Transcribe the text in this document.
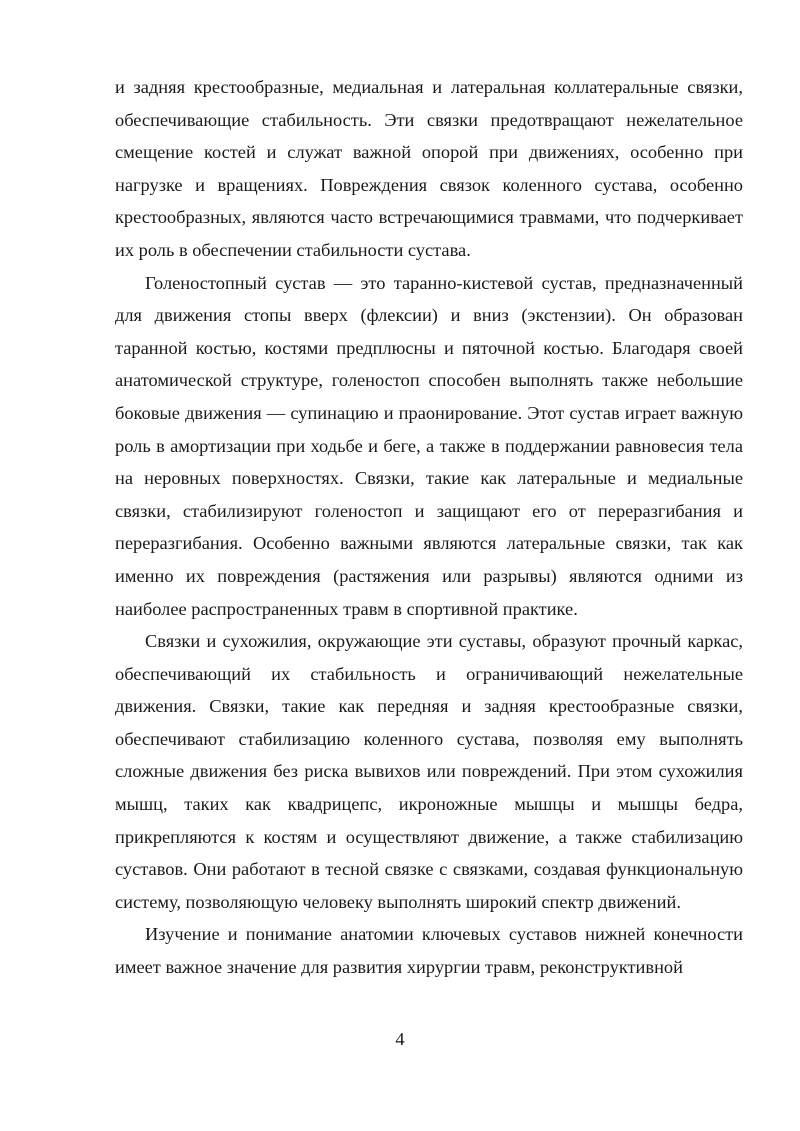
и задняя крестообразные, медиальная и латеральная коллатеральные связки, обеспечивающие стабильность. Эти связки предотвращают нежелательное смещение костей и служат важной опорой при движениях, особенно при нагрузке и вращениях. Повреждения связок коленного сустава, особенно крестообразных, являются часто встречающимися травмами, что подчеркивает их роль в обеспечении стабильности сустава.

Голеностопный сустав — это таранно-кистевой сустав, предназначенный для движения стопы вверх (флексии) и вниз (экстензии). Он образован таранной костью, костями предплюсны и пяточной костью. Благодаря своей анатомической структуре, голеностоп способен выполнять также небольшие боковые движения — супинацию и праонирование. Этот сустав играет важную роль в амортизации при ходьбе и беге, а также в поддержании равновесия тела на неровных поверхностях. Связки, такие как латеральные и медиальные связки, стабилизируют голеностоп и защищают его от переразгибания и переразгибания. Особенно важными являются латеральные связки, так как именно их повреждения (растяжения или разрывы) являются одними из наиболее распространенных травм в спортивной практике.

Связки и сухожилия, окружающие эти суставы, образуют прочный каркас, обеспечивающий их стабильность и ограничивающий нежелательные движения. Связки, такие как передняя и задняя крестообразные связки, обеспечивают стабилизацию коленного сустава, позволяя ему выполнять сложные движения без риска вывихов или повреждений. При этом сухожилия мышц, таких как квадрицепс, икроножные мышцы и мышцы бедра, прикрепляются к костям и осуществляют движение, а также стабилизацию суставов. Они работают в тесной связке с связками, создавая функциональную систему, позволяющую человеку выполнять широкий спектр движений.

Изучение и понимание анатомии ключевых суставов нижней конечности имеет важное значение для развития хирургии травм, реконструктивной

4
